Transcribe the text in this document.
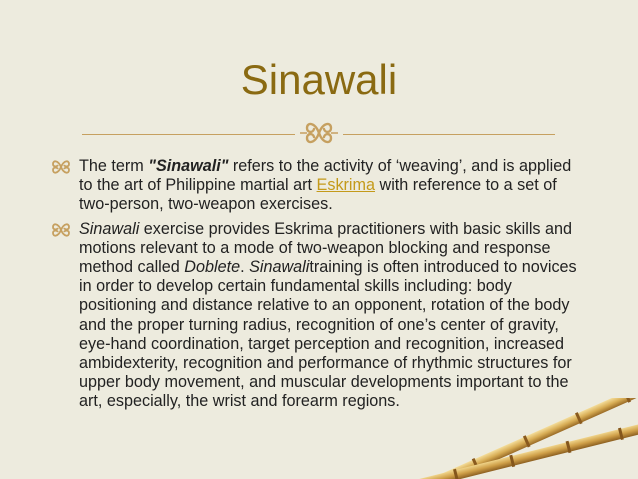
Sinawali
The term "Sinawali" refers to the activity of ‘weaving’, and is applied to the art of Philippine martial art Eskrima with reference to a set of two-person, two-weapon exercises.
Sinawali exercise provides Eskrima practitioners with basic skills and motions relevant to a mode of two-weapon blocking and response method called Doblete. Sinawalitraining is often introduced to novices in order to develop certain fundamental skills including: body positioning and distance relative to an opponent, rotation of the body and the proper turning radius, recognition of one’s center of gravity, eye-hand coordination, target perception and recognition, increased ambidexterity, recognition and performance of rhythmic structures for upper body movement, and muscular developments important to the art, especially, the wrist and forearm regions.
